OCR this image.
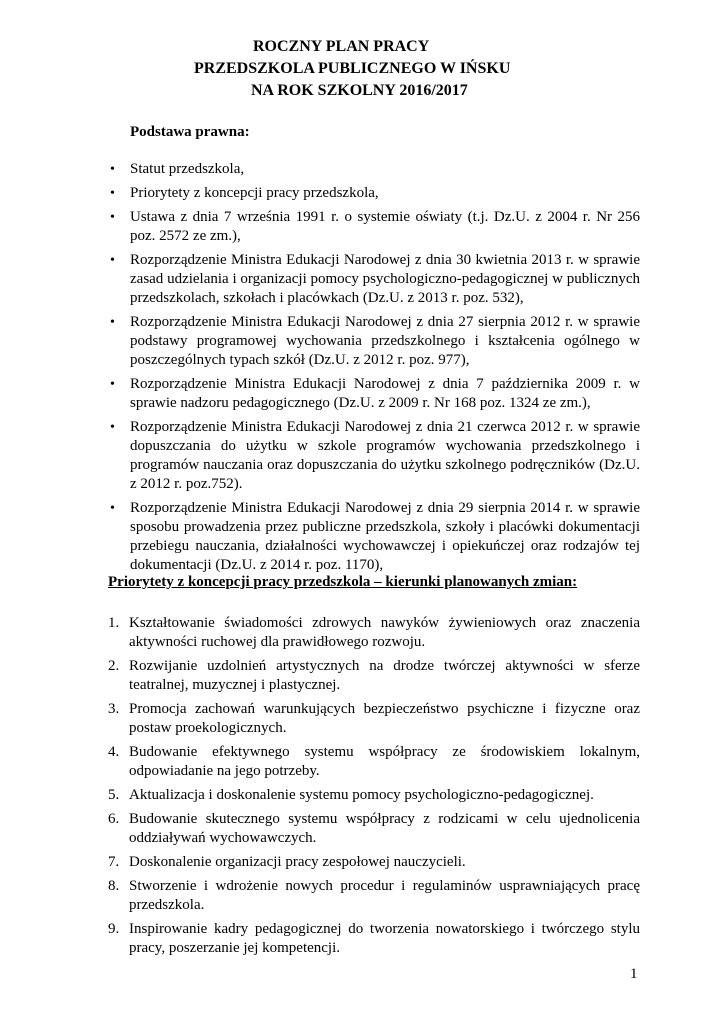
ROCZNY PLAN PRACY
PRZEDSZKOLA PUBLICZNEGO W IŃSKU
NA ROK SZKOLNY 2016/2017
Podstawa prawna:
• Statut przedszkola,
• Priorytety z koncepcji pracy przedszkola,
• Ustawa z dnia 7 września 1991 r. o systemie oświaty (t.j. Dz.U. z 2004 r. Nr 256 poz. 2572 ze zm.),
• Rozporządzenie Ministra Edukacji Narodowej z dnia 30 kwietnia 2013 r. w sprawie zasad udzielania i organizacji pomocy psychologiczno-pedagogicznej w publicznych przedszkolach, szkołach i placówkach (Dz.U. z 2013 r. poz. 532),
• Rozporządzenie Ministra Edukacji Narodowej z dnia 27 sierpnia 2012 r. w sprawie podstawy programowej wychowania przedszkolnego i kształcenia ogólnego w poszczególnych typach szkół (Dz.U. z 2012 r. poz. 977),
• Rozporządzenie Ministra Edukacji Narodowej z dnia 7 października 2009 r. w sprawie nadzoru pedagogicznego (Dz.U. z 2009 r. Nr 168 poz. 1324 ze zm.),
• Rozporządzenie Ministra Edukacji Narodowej z dnia 21 czerwca 2012 r. w sprawie dopuszczania do użytku w szkole programów wychowania przedszkolnego i programów nauczania oraz dopuszczania do użytku szkolnego podręczników (Dz.U. z 2012 r. poz.752).
• Rozporządzenie Ministra Edukacji Narodowej z dnia 29 sierpnia 2014 r. w sprawie sposobu prowadzenia przez publiczne przedszkola, szkoły i placówki dokumentacji przebiegu nauczania, działalności wychowawczej i opiekuńczej oraz rodzajów tej dokumentacji (Dz.U. z 2014 r. poz. 1170),
Priorytety z koncepcji pracy przedszkola – kierunki planowanych zmian:
1. Kształtowanie świadomości zdrowych nawyków żywieniowych oraz znaczenia aktywności ruchowej dla prawidłowego rozwoju.
2. Rozwijanie uzdolnień artystycznych na drodze twórczej aktywności w sferze teatralnej, muzycznej i plastycznej.
3. Promocja zachowań warunkujących bezpieczeństwo psychiczne i fizyczne oraz postaw proekologicznych.
4. Budowanie efektywnego systemu współpracy ze środowiskiem lokalnym, odpowiadanie na jego potrzeby.
5. Aktualizacja i doskonalenie systemu pomocy psychologiczno-pedagogicznej.
6. Budowanie skutecznego systemu współpracy z rodzicami w celu ujednolicenia oddziaływań wychowawczych.
7. Doskonalenie organizacji pracy zespołowej nauczycieli.
8. Stworzenie i wdrożenie nowych procedur i regulaminów usprawniających pracę przedszkola.
9. Inspirowanie kadry pedagogicznej do tworzenia nowatorskiego i twórczego stylu pracy, poszerzanie jej kompetencji.
1
